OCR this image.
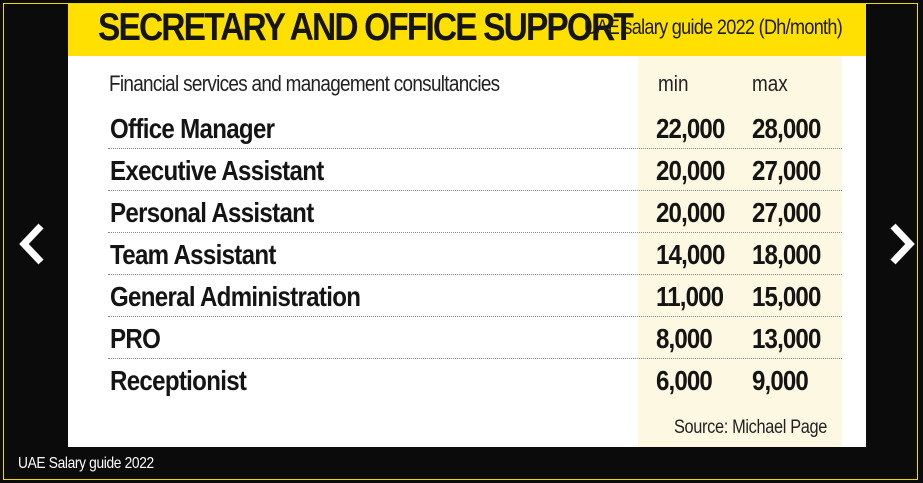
SECRETARY AND OFFICE SUPPORT
UAE salary guide 2022 (Dh/month)
Financial services and management consultancies	min	max
Office Manager	22,000 28,000
Executive Assistant	20,000 27,000
Personal Assistant	20,000 27,000
Team Assistant	14,000 18,000
General Administration	11,000 15,000
PRO	8,000 13,000
Receptionist	6,000 9,000
Source: Michael Page
UAE Salary guide 2022
